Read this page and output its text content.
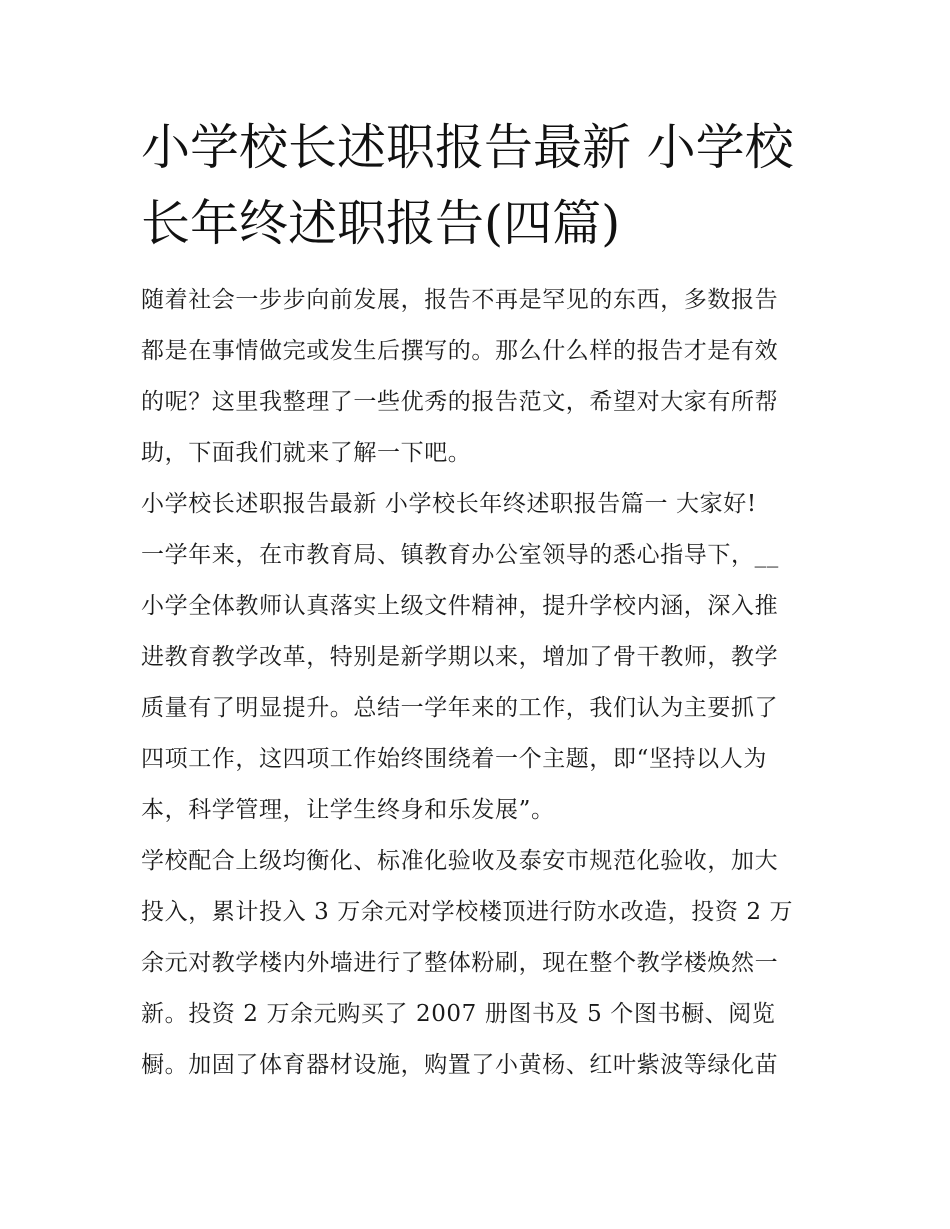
小学校长述职报告最新 小学校
长年终述职报告(四篇)
随着社会一步步向前发展，报告不再是罕见的东西，多数报告
都是在事情做完或发生后撰写的。那么什么样的报告才是有效
的呢？这里我整理了一些优秀的报告范文，希望对大家有所帮
助，下面我们就来了解一下吧。
小学校长述职报告最新 小学校长年终述职报告篇一 大家好!
一学年来，在市教育局、镇教育办公室领导的悉心指导下，__
小学全体教师认真落实上级文件精神，提升学校内涵，深入推
进教育教学改革，特别是新学期以来，增加了骨干教师，教学
质量有了明显提升。总结一学年来的工作，我们认为主要抓了
四项工作，这四项工作始终围绕着一个主题，即“坚持以人为
本，科学管理，让学生终身和乐发展”。
学校配合上级均衡化、标准化验收及泰安市规范化验收，加大
投入，累计投入 3 万余元对学校楼顶进行防水改造，投资 2 万
余元对教学楼内外墙进行了整体粉刷，现在整个教学楼焕然一
新。投资 2 万余元购买了 2007 册图书及 5 个图书橱、阅览
橱。加固了体育器材设施，购置了小黄杨、红叶紫波等绿化苗
